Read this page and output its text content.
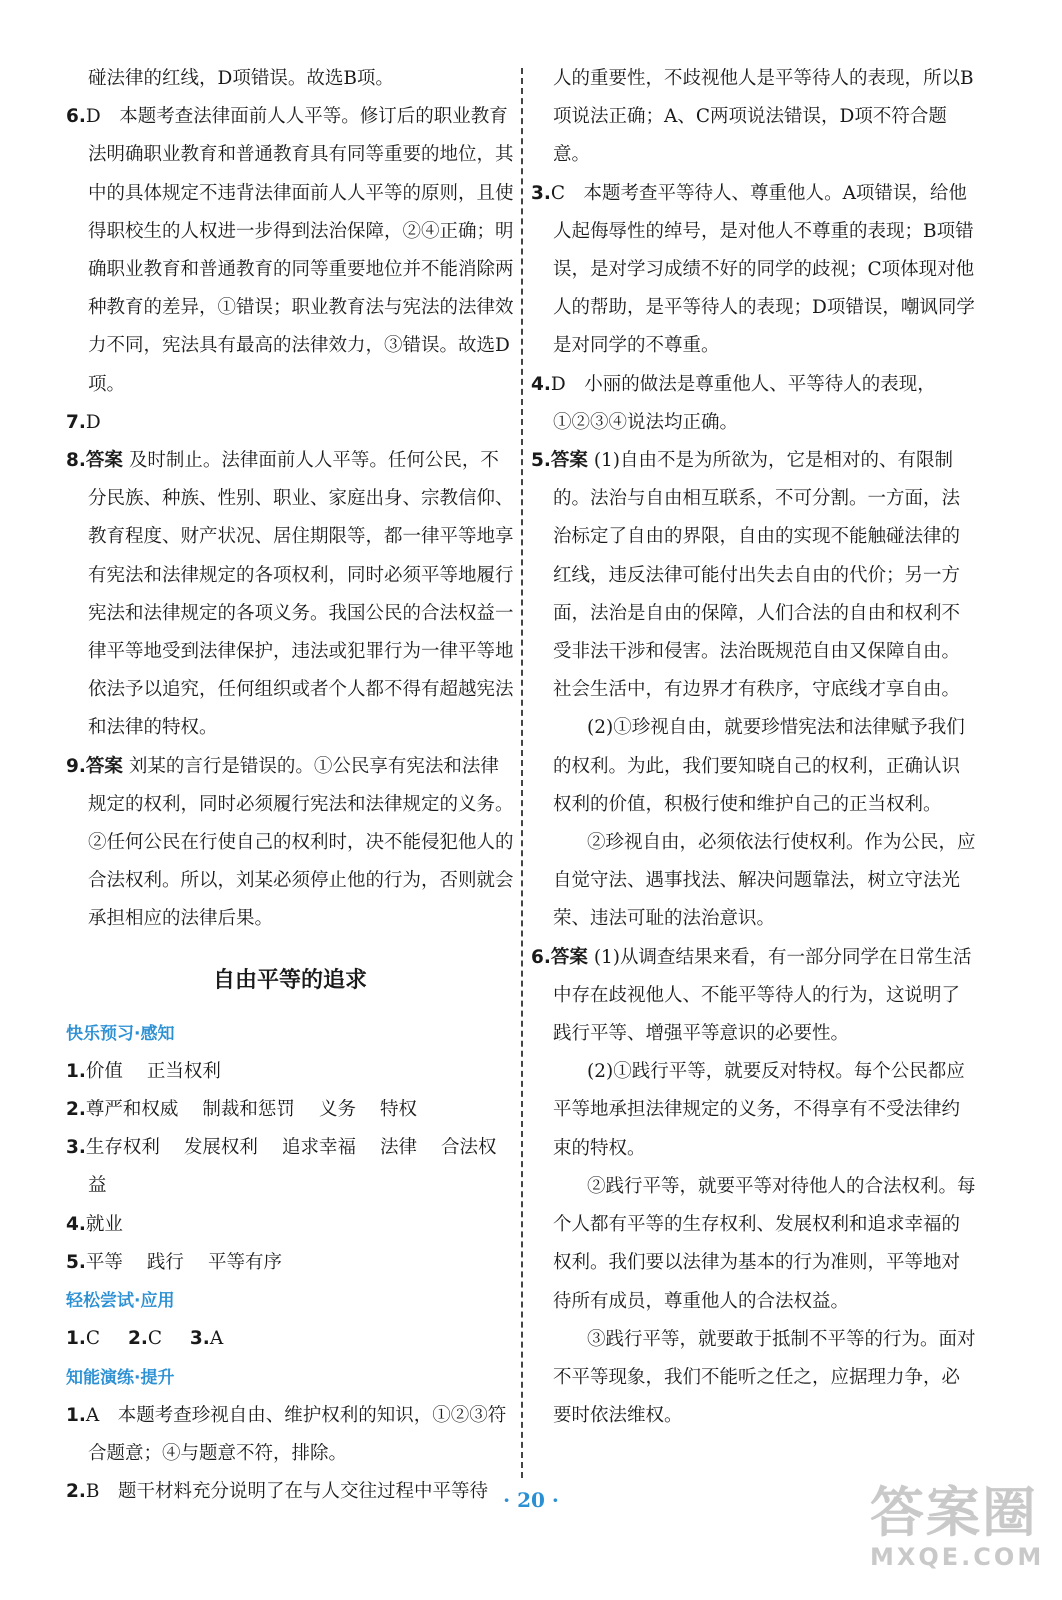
碰法律的红线，D项错误。故选B项。

6.D　本题考查法律面前人人平等。修订后的职业教育法明确职业教育和普通教育具有同等重要的地位，其中的具体规定不违背法律面前人人平等的原则，且使得职校生的人权进一步得到法治保障，②④正确；明确职业教育和普通教育的同等重要地位并不能消除两种教育的差异，①错误；职业教育法与宪法的法律效力不同，宪法具有最高的法律效力，③错误。故选D项。

7.D

8.答案 及时制止。法律面前人人平等。任何公民，不分民族、种族、性别、职业、家庭出身、宗教信仰、教育程度、财产状况、居住期限等，都一律平等地享有宪法和法律规定的各项权利，同时必须平等地履行宪法和法律规定的各项义务。我国公民的合法权益一律平等地受到法律保护，违法或犯罪行为一律平等地依法予以追究，任何组织或者个人都不得有超越宪法和法律的特权。

9.答案 刘某的言行是错误的。①公民享有宪法和法律规定的权利，同时必须履行宪法和法律规定的义务。②任何公民在行使自己的权利时，决不能侵犯他人的合法权利。所以，刘某必须停止他的行为，否则就会承担相应的法律后果。

自由平等的追求

快乐预习·感知

1.价值 正当权利

2.尊严和权威 制裁和惩罚 义务 特权

3.生存权利 发展权利 追求幸福 法律 合法权益

4.就业

5.平等 践行 平等有序

轻松尝试·应用

1.C 2.C 3.A

知能演练·提升

1.A　本题考查珍视自由、维护权利的知识，①②③符合题意；④与题意不符，排除。

2.B　题干材料充分说明了在与人交往过程中平等待

人的重要性，不歧视他人是平等待人的表现，所以B项说法正确；A、C两项说法错误，D项不符合题意。

3.C　本题考查平等待人、尊重他人。A项错误，给他人起侮辱性的绰号，是对他人不尊重的表现；B项错误，是对学习成绩不好的同学的歧视；C项体现对他人的帮助，是平等待人的表现；D项错误，嘲讽同学是对同学的不尊重。

4.D　小丽的做法是尊重他人、平等待人的表现，①②③④说法均正确。

5.答案 (1)自由不是为所欲为，它是相对的、有限制的。法治与自由相互联系，不可分割。一方面，法治标定了自由的界限，自由的实现不能触碰法律的红线，违反法律可能付出失去自由的代价；另一方面，法治是自由的保障，人们合法的自由和权利不受非法干涉和侵害。法治既规范自由又保障自由。社会生活中，有边界才有秩序，守底线才享自由。

(2)①珍视自由，就要珍惜宪法和法律赋予我们的权利。为此，我们要知晓自己的权利，正确认识权利的价值，积极行使和维护自己的正当权利。

②珍视自由，必须依法行使权利。作为公民，应自觉守法、遇事找法、解决问题靠法，树立守法光荣、违法可耻的法治意识。

6.答案 (1)从调查结果来看，有一部分同学在日常生活中存在歧视他人、不能平等待人的行为，这说明了践行平等、增强平等意识的必要性。

(2)①践行平等，就要反对特权。每个公民都应平等地承担法律规定的义务，不得享有不受法律约束的特权。

②践行平等，就要平等对待他人的合法权利。每个人都有平等的生存权利、发展权利和追求幸福的权利。我们要以法律为基本的行为准则，平等地对待所有成员，尊重他人的合法权益。

③践行平等，就要敢于抵制不平等的行为。面对不平等现象，我们不能听之任之，应据理力争，必要时依法维权。

· 20 ·	答案圈
MXQE.COM
